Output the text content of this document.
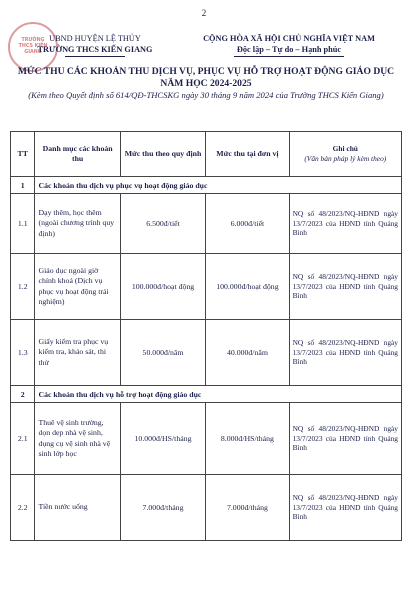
2
TRƯỜNG THCS KIẾN GIANG
UBND HUYỆN LỆ THỦY
TRƯỜNG THCS KIẾN GIANG
CỘNG HÒA XÃ HỘI CHỦ NGHĨA VIỆT NAM
Độc lập – Tự do – Hạnh phúc
MỨC THU CÁC KHOẢN THU DỊCH VỤ, PHỤC VỤ HỖ TRỢ HOẠT ĐỘNG GIÁO DỤC NĂM HỌC 2024-2025
(Kèm theo Quyết định số 614/QĐ-THCSKG ngày 30 tháng 9 năm 2024 của Trường THCS Kiến Giang)
TT	Danh mục các khoản thu	Mức thu theo quy định	Mức thu tại đơn vị	Ghi chú
(Văn bản pháp lý kèm theo)

1	Các khoản thu dịch vụ phục vụ hoạt động giáo dục			
1.1	Dạy thêm, học thêm (ngoài chương trình quy định)	6.500đ/tiết	6.000đ/tiết	NQ số 48/2023/NQ-HĐND ngày 13/7/2023 của HĐND tỉnh Quảng Bình
1.2	Giáo dục ngoài giờ chính khoá (Dịch vụ phục vụ hoạt động trải nghiệm)	100.000đ/hoạt động	100.000đ/hoạt động	NQ số 48/2023/NQ-HĐND ngày 13/7/2023 của HĐND tỉnh Quảng Bình
1.3	Giấy kiểm tra phục vụ kiểm tra, khảo sát, thi thử	50.000đ/năm	40.000đ/năm	NQ số 48/2023/NQ-HĐND ngày 13/7/2023 của HĐND tỉnh Quảng Bình
2	Các khoản thu dịch vụ hỗ trợ hoạt động giáo dục			
2.1	Thuê vệ sinh trường, dọn dẹp nhà vệ sinh, dụng cụ vệ sinh nhà vệ sinh lớp học	10.000đ/HS/tháng	8.000đ/HS/tháng	NQ số 48/2023/NQ-HĐND ngày 13/7/2023 của HĐND tỉnh Quảng Bình
2.2	Tiền nước uống	7.000đ/tháng	7.000đ/tháng	NQ số 48/2023/NQ-HĐND ngày 13/7/2023 của HĐND tỉnh Quảng Bình
